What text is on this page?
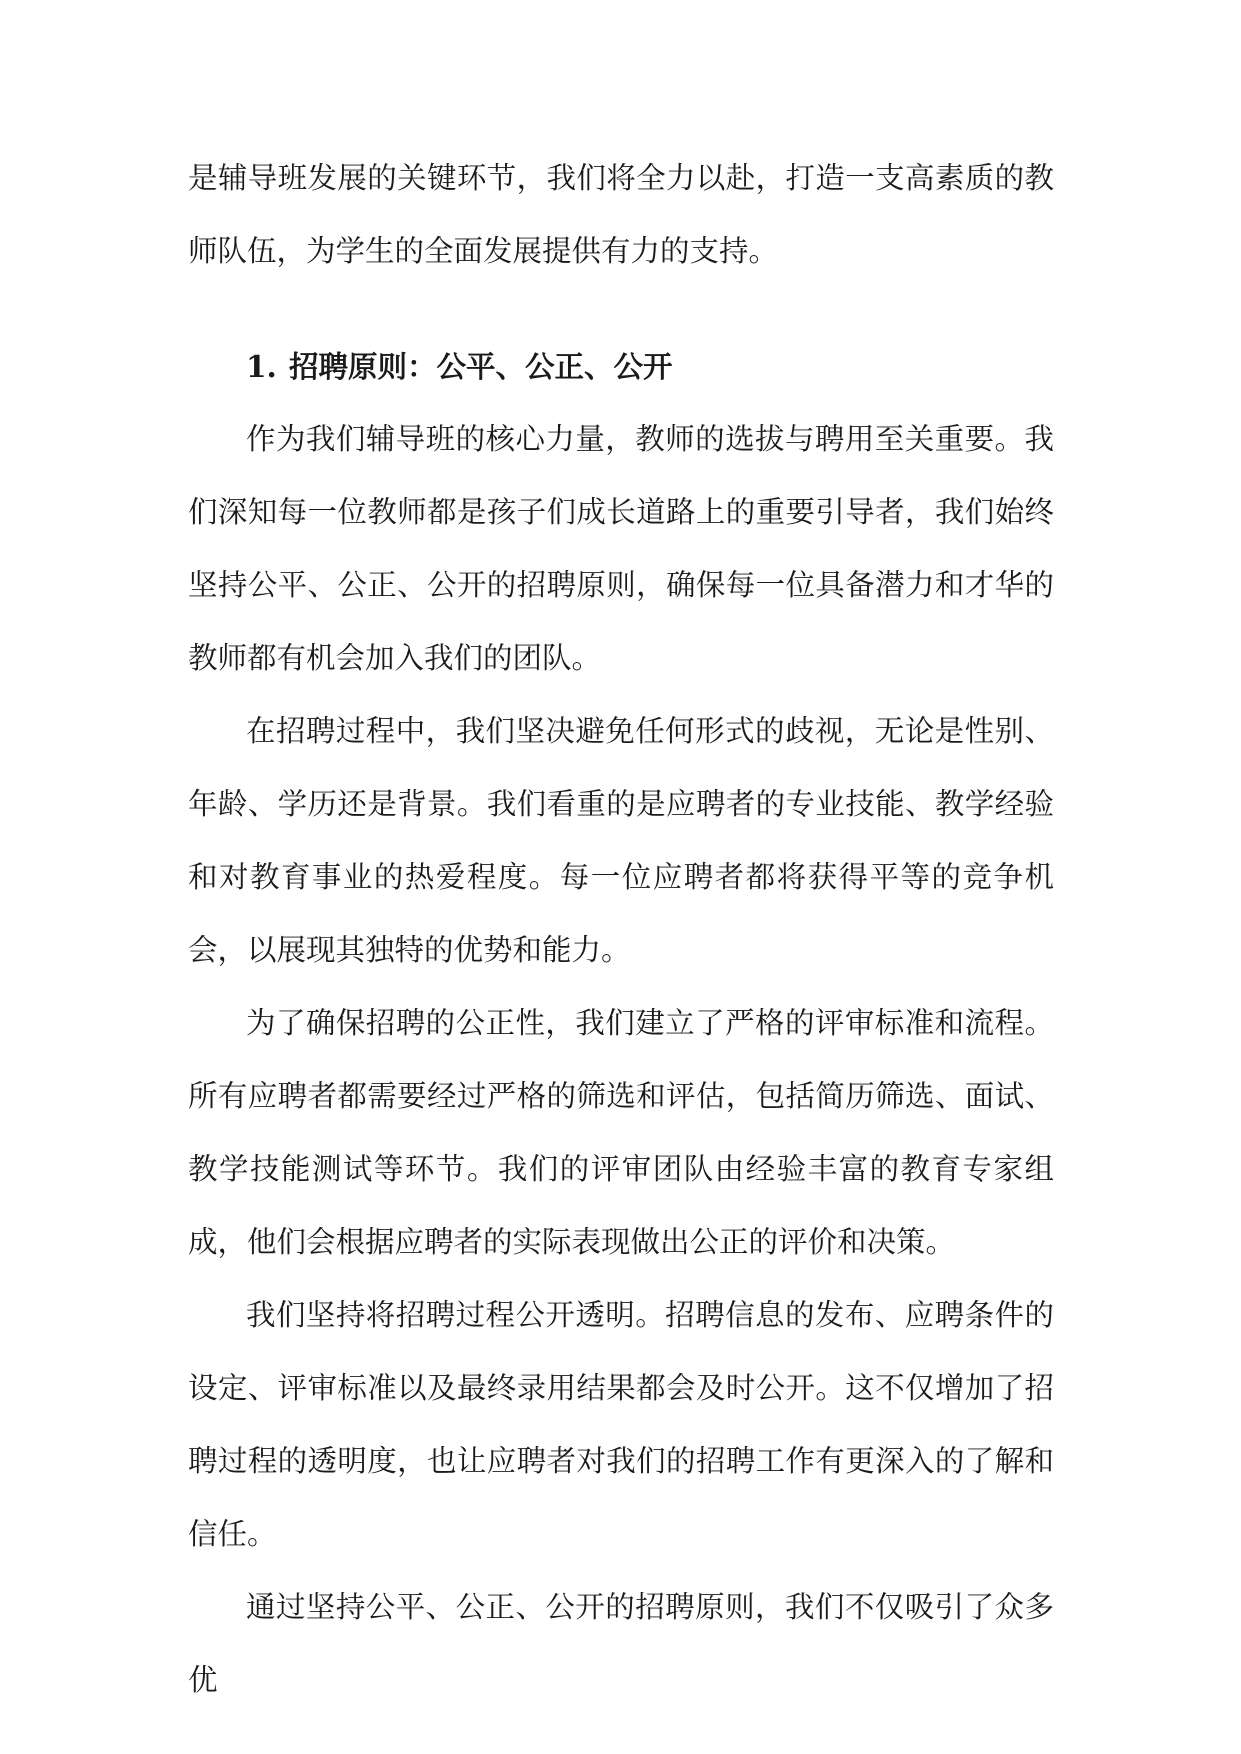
是辅导班发展的关键环节，我们将全力以赴，打造一支高素质的教师队伍，为学生的全面发展提供有力的支持。

1. 招聘原则：公平、公正、公开

作为我们辅导班的核心力量，教师的选拔与聘用至关重要。我们深知每一位教师都是孩子们成长道路上的重要引导者，我们始终坚持公平、公正、公开的招聘原则，确保每一位具备潜力和才华的教师都有机会加入我们的团队。

在招聘过程中，我们坚决避免任何形式的歧视，无论是性别、年龄、学历还是背景。我们看重的是应聘者的专业技能、教学经验和对教育事业的热爱程度。每一位应聘者都将获得平等的竞争机会，以展现其独特的优势和能力。

为了确保招聘的公正性，我们建立了严格的评审标准和流程。所有应聘者都需要经过严格的筛选和评估，包括简历筛选、面试、教学技能测试等环节。我们的评审团队由经验丰富的教育专家组成，他们会根据应聘者的实际表现做出公正的评价和决策。

我们坚持将招聘过程公开透明。招聘信息的发布、应聘条件的设定、评审标准以及最终录用结果都会及时公开。这不仅增加了招聘过程的透明度，也让应聘者对我们的招聘工作有更深入的了解和信任。

通过坚持公平、公正、公开的招聘原则，我们不仅吸引了众多优
